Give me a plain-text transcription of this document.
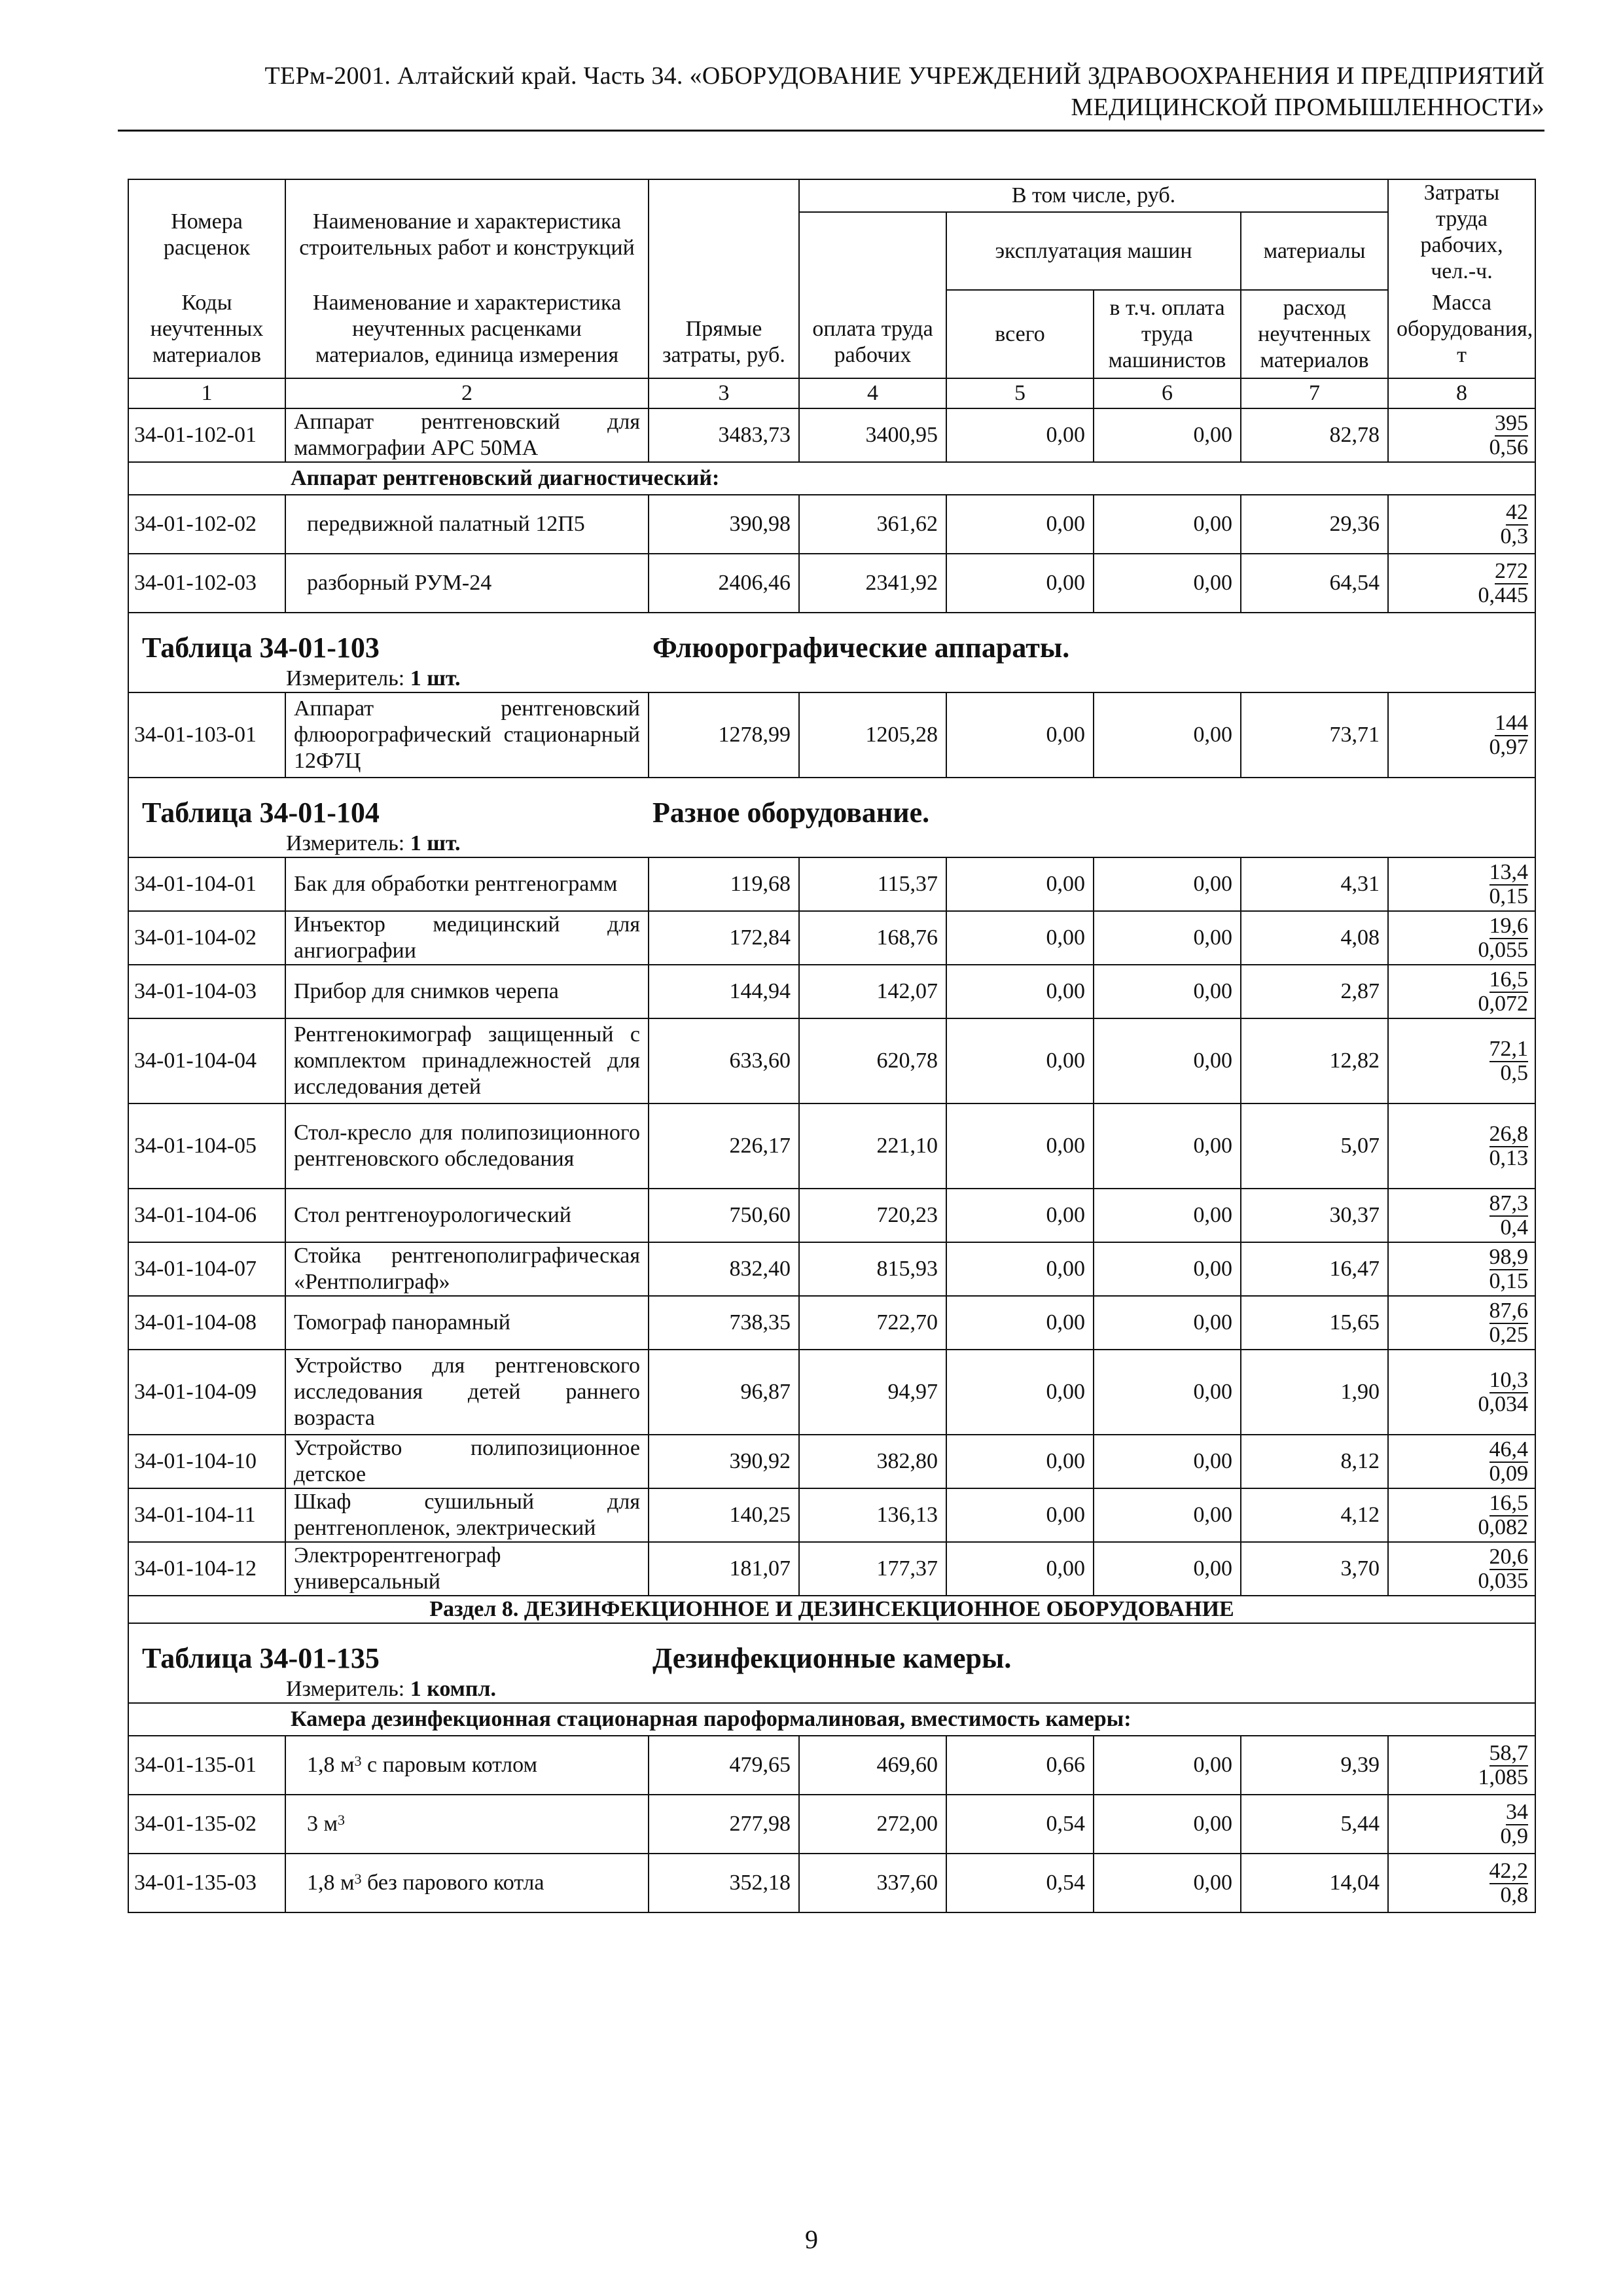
ТЕРм-2001. Алтайский край. Часть 34. «ОБОРУДОВАНИЕ УЧРЕЖДЕНИЙ ЗДРАВООХРАНЕНИЯ И ПРЕДПРИЯТИЙ
МЕДИЦИНСКОЙ ПРОМЫШЛЕННОСТИ»
Номера расценок	Наименование и характеристика строительных работ и конструкций	Прямые затраты, руб.	В том числе, руб.				Затраты труда рабочих, чел.-ч.
			оплата труда рабочих	эксплуатация машин		материалы	
Коды неучтенных материалов	Наименование и характеристика неучтенных расценками материалов, единица измерения			всего	в т.ч. оплата труда машинистов	расход неучтенных материалов	Масса оборудования, т
1	2	3	4	5	6	7	8
34-01-102-01	Аппарат рентгеновский для маммографии АРС 50МА	3483,73	3400,95	0,00	0,00	82,78	395
0,56

	Аппарат рентгеновский диагностический:						
34-01-102-02	передвижной палатный 12П5	390,98	361,62	0,00	0,00	29,36	42
0,3

34-01-102-03	разборный РУМ-24	2406,46	2341,92	0,00	0,00	64,54	272
0,445

Таблица 34-01-103 Флюорографические аппараты.
Измеритель: 1 шт.							

34-01-103-01	Аппарат рентгеновский флюорографический стационарный 12Ф7Ц	1278,99	1205,28	0,00	0,00	73,71	144
0,97

Таблица 34-01-104 Разное оборудование.
Измеритель: 1 шт.							

34-01-104-01	Бак для обработки рентгенограмм	119,68	115,37	0,00	0,00	4,31	13,4
0,15

34-01-104-02	Инъектор медицинский для ангиографии	172,84	168,76	0,00	0,00	4,08	19,6
0,055

34-01-104-03	Прибор для снимков черепа	144,94	142,07	0,00	0,00	2,87	16,5
0,072

34-01-104-04	Рентгенокимограф защищенный с комплектом принадлежностей для исследования детей	633,60	620,78	0,00	0,00	12,82	72,1
0,5

34-01-104-05	Стол-кресло для полипозиционного рентгеновского обследования	226,17	221,10	0,00	0,00	5,07	26,8
0,13

34-01-104-06	Стол рентгеноурологический	750,60	720,23	0,00	0,00	30,37	87,3
0,4

34-01-104-07	Стойка рентгенополиграфическая «Рентполиграф»	832,40	815,93	0,00	0,00	16,47	98,9
0,15

34-01-104-08	Томограф панорамный	738,35	722,70	0,00	0,00	15,65	87,6
0,25

34-01-104-09	Устройство для рентгеновского исследования детей раннего возраста	96,87	94,97	0,00	0,00	1,90	10,3
0,034

34-01-104-10	Устройство полипозиционное детское	390,92	382,80	0,00	0,00	8,12	46,4
0,09

34-01-104-11	Шкаф сушильный для рентгенопленок, электрический	140,25	136,13	0,00	0,00	4,12	16,5
0,082

34-01-104-12	Электрорентгенограф универсальный	181,07	177,37	0,00	0,00	3,70	20,6
0,035

Раздел 8. ДЕЗИНФЕКЦИОННОЕ И ДЕЗИНСЕКЦИОННОЕ ОБОРУДОВАНИЕ							

Таблица 34-01-135 Дезинфекционные камеры.
Измеритель: 1 компл.							

	Камера дезинфекционная стационарная пароформалиновая, вместимость камеры:						
34-01-135-01	1,8 $м^3$ с паровым котлом	479,65	469,60	0,66	0,00	9,39	58,7
1,085

34-01-135-02	3 $м^3$	277,98	272,00	0,54	0,00	5,44	34
0,9

34-01-135-03	1,8 $м^3$ без парового котла	352,18	337,60	0,54	0,00	14,04	42,2
0,8
9
